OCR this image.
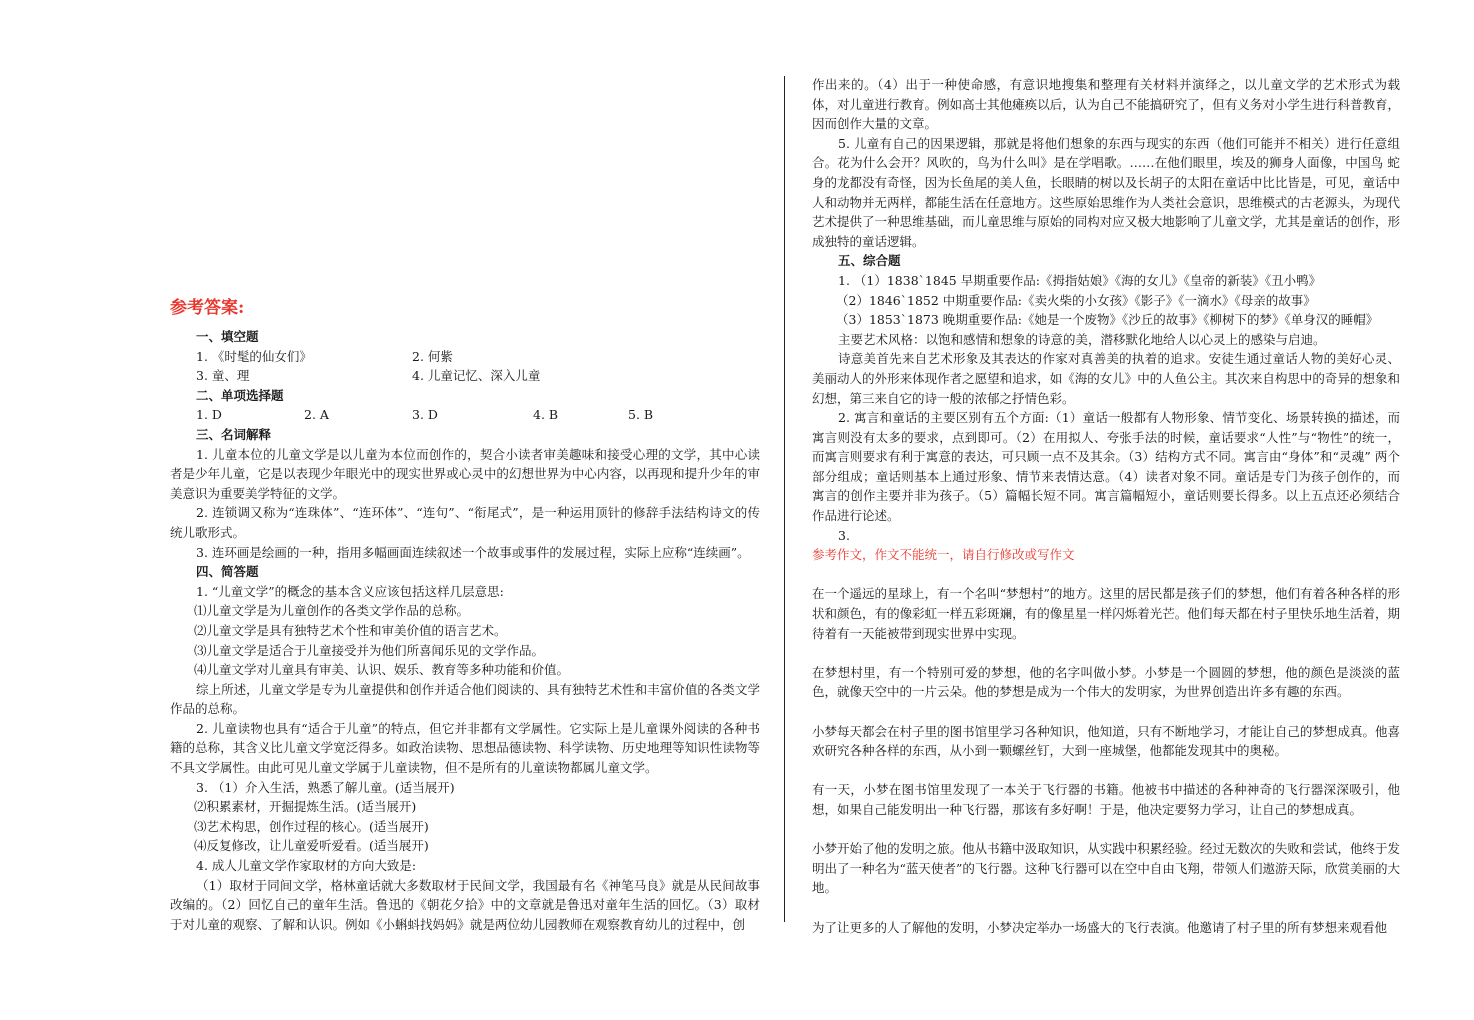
参考答案:
一、填空题
1. 《时髦的仙女们》	2. 何紫
3. 童、理	4. 儿童记忆、深入儿童
二、单项选择题
1. D	2. A	3. D	4. B	5. B
三、名词解释
1. 儿童本位的儿童文学是以儿童为本位而创作的，契合小读者审美趣味和接受心理的文学，其中心读者是少年儿童，它是以表现少年眼光中的现实世界或心灵中的幻想世界为中心内容，以再现和提升少年的审美意识为重要美学特征的文学。
2. 连锁调又称为“连珠体”、“连环体”、“连句”、“衔尾式”，是一种运用顶针的修辞手法结构诗文的传统儿歌形式。
3. 连环画是绘画的一种，指用多幅画面连续叙述一个故事或事件的发展过程，实际上应称“连续画”。
四、简答题
1. “儿童文学”的概念的基本含义应该包括这样几层意思:
⑴儿童文学是为儿童创作的各类文学作品的总称。
⑵儿童文学是具有独特艺术个性和审美价值的语言艺术。
⑶儿童文学是适合于儿童接受并为他们所喜闻乐见的文学作品。
⑷儿童文学对儿童具有审美、认识、娱乐、教育等多种功能和价值。
综上所述，儿童文学是专为儿童提供和创作并适合他们阅读的、具有独特艺术性和丰富价值的各类文学作品的总称。
2. 儿童读物也具有“适合于儿童”的特点，但它并非都有文学属性。它实际上是儿童课外阅读的各种书籍的总称，其含义比儿童文学宽泛得多。如政治读物、思想品德读物、科学读物、历史地理等知识性读物等不具文学属性。由此可见儿童文学属于儿童读物，但不是所有的儿童读物都属儿童文学。
3. （1）介入生活，熟悉了解儿童。(适当展开)
⑵积累素材，开掘提炼生活。(适当展开)
⑶艺术构思，创作过程的核心。(适当展开)
⑷反复修改，让儿童爱听爱看。(适当展开)
4. 成人儿童文学作家取材的方向大致是:
（1）取材于同间文学，格林童话就大多数取材于民间文学，我国最有名《神笔马良》就是从民间故事改编的。（2）回忆自己的童年生活。鲁迅的《朝花夕拾》中的文章就是鲁迅对童年生活的回忆。（3）取材于对儿童的观察、了解和认识。例如《小蝌蚪找妈妈》就是两位幼儿园教师在观察教育幼儿的过程中，创
作出来的。（4）出于一种使命感，有意识地搜集和整理有关材料并演绎之，以儿童文学的艺术形式为载体，对儿童进行教育。例如高士其他瘫痪以后，认为自己不能搞研究了，但有义务对小学生进行科普教育，因而创作大量的文章。
5. 儿童有自己的因果逻辑，那就是将他们想象的东西与现实的东西（他们可能并不相关）进行任意组合。花为什么会开？风吹的，鸟为什么叫》是在学唱歌。……在他们眼里，埃及的狮身人面像，中国鸟 蛇身的龙都没有奇怪，因为长鱼尾的美人鱼，长眼睛的树以及长胡子的太阳在童话中比比皆是，可见，童话中人和动物并无两样，都能生活在任意地方。这些原始思维作为人类社会意识，思维模式的古老源头，为现代艺术提供了一种思维基础，而儿童思维与原始的同构对应又极大地影响了儿童文学，尤其是童话的创作，形成独特的童话逻辑。
五、综合题
1. （1）1838`1845 早期重要作品:《拇指姑娘》《海的女儿》《皇帝的新装》《丑小鸭》
（2）1846`1852 中期重要作品:《卖火柴的小女孩》《影子》《一滴水》《母亲的故事》
（3）1853`1873 晚期重要作品:《她是一个废物》《沙丘的故事》《柳树下的梦》《单身汉的睡帽》
主要艺术风格：以饱和感情和想象的诗意的美，潜移默化地给人以心灵上的感染与启迪。
诗意美首先来自艺术形象及其表达的作家对真善美的执着的追求。安徒生通过童话人物的美好心灵、美丽动人的外形来体现作者之愿望和追求，如《海的女儿》中的人鱼公主。其次来自构思中的奇异的想象和幻想，第三来自它的诗一般的浓郁之抒情色彩。
2. 寓言和童话的主要区别有五个方面:（1）童话一般都有人物形象、情节变化、场景转换的描述，而寓言则没有太多的要求，点到即可。（2）在用拟人、夸张手法的时候，童话要求“人性”与“物性”的统一，而寓言则要求有利于寓意的表达，可只顾一点不及其余。（3）结构方式不同。寓言由“身体”和“灵魂” 两个部分组成；童话则基本上通过形象、情节来表情达意。（4）读者对象不同。童话是专门为孩子创作的，而寓言的创作主要并非为孩子。（5）篇幅长短不同。寓言篇幅短小，童话则要长得多。以上五点还必须结合作品进行论述。
3.
参考作文，作文不能统一，请自行修改或写作文
在一个遥远的星球上，有一个名叫“梦想村”的地方。这里的居民都是孩子们的梦想，他们有着各种各样的形状和颜色，有的像彩虹一样五彩斑斓，有的像星星一样闪烁着光芒。他们每天都在村子里快乐地生活着，期待着有一天能被带到现实世界中实现。
在梦想村里，有一个特别可爱的梦想，他的名字叫做小梦。小梦是一个圆圆的梦想，他的颜色是淡淡的蓝色，就像天空中的一片云朵。他的梦想是成为一个伟大的发明家，为世界创造出许多有趣的东西。
小梦每天都会在村子里的图书馆里学习各种知识，他知道，只有不断地学习，才能让自己的梦想成真。他喜欢研究各种各样的东西，从小到一颗螺丝钉，大到一座城堡，他都能发现其中的奥秘。
有一天，小梦在图书馆里发现了一本关于飞行器的书籍。他被书中描述的各种神奇的飞行器深深吸引，他想，如果自己能发明出一种飞行器，那该有多好啊！于是，他决定要努力学习，让自己的梦想成真。
小梦开始了他的发明之旅。他从书籍中汲取知识，从实践中积累经验。经过无数次的失败和尝试，他终于发明出了一种名为“蓝天使者”的飞行器。这种飞行器可以在空中自由飞翔，带领人们遨游天际，欣赏美丽的大地。
为了让更多的人了解他的发明，小梦决定举办一场盛大的飞行表演。他邀请了村子里的所有梦想来观看他
